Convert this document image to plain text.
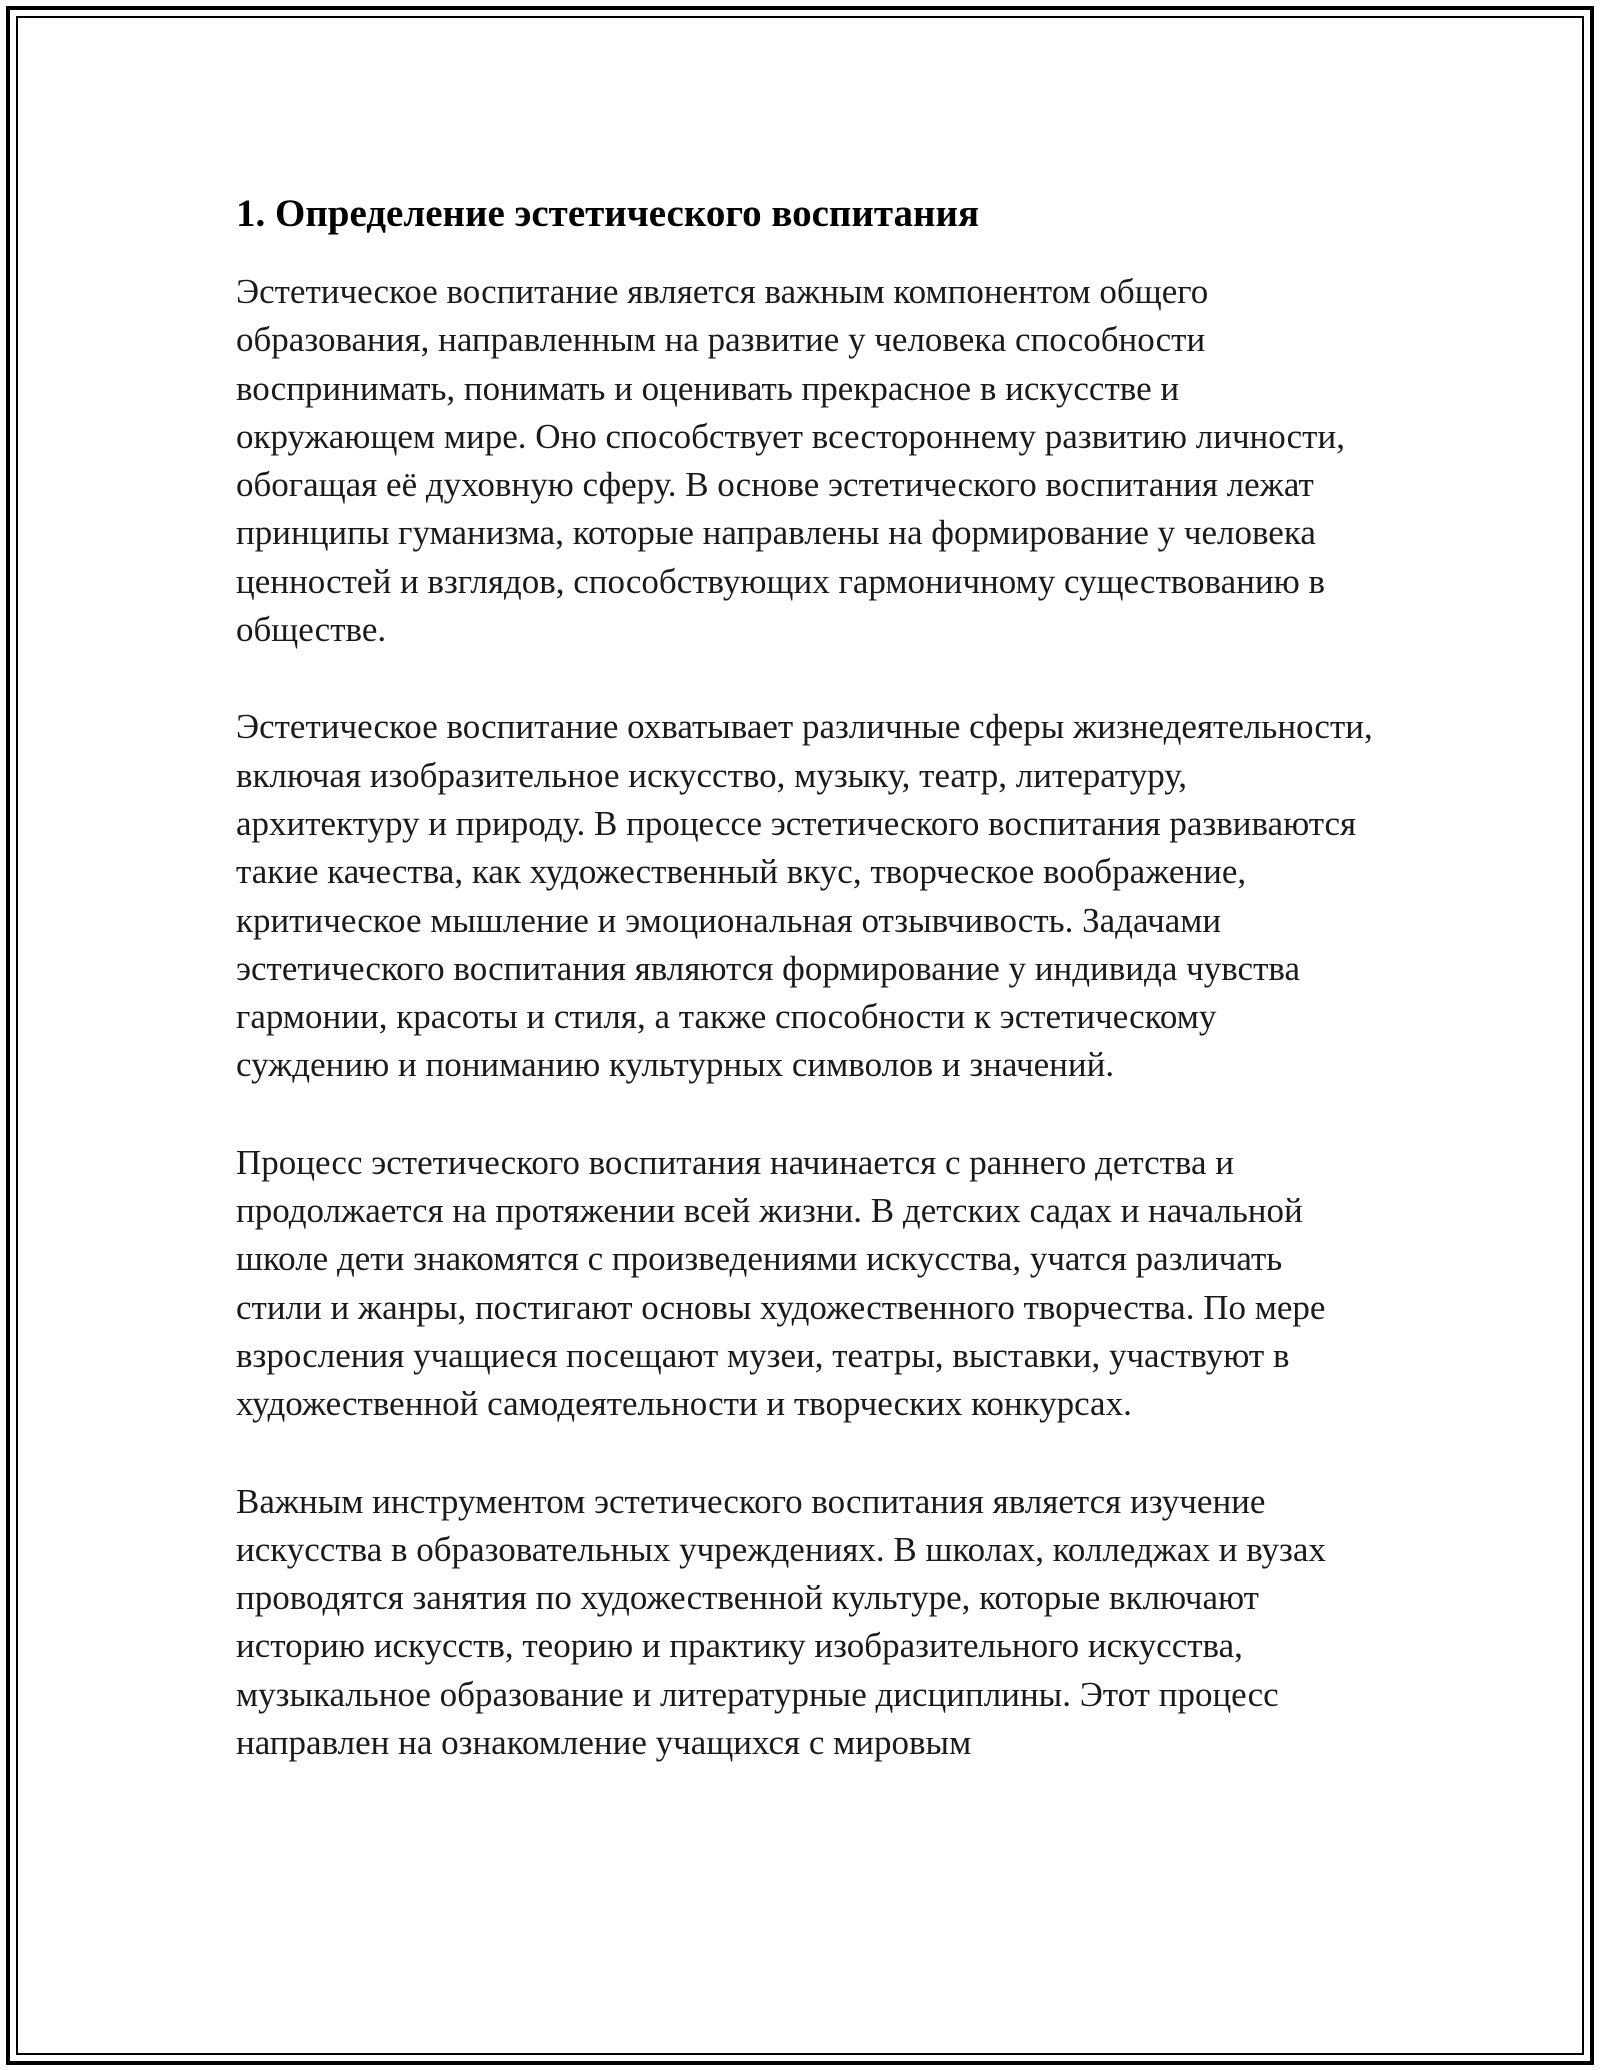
1. Определение эстетического воспитания

Эстетическое воспитание является важным компонентом общего образования, направленным на развитие у человека способности воспринимать, понимать и оценивать прекрасное в искусстве и окружающем мире. Оно способствует всестороннему развитию личности, обогащая её духовную сферу. В основе эстетического воспитания лежат принципы гуманизма, которые направлены на формирование у человека ценностей и взглядов, способствующих гармоничному существованию в обществе.

Эстетическое воспитание охватывает различные сферы жизнедеятельности, включая изобразительное искусство, музыку, театр, литературу, архитектуру и природу. В процессе эстетического воспитания развиваются такие качества, как художественный вкус, творческое воображение, критическое мышление и эмоциональная отзывчивость. Задачами эстетического воспитания являются формирование у индивида чувства гармонии, красоты и стиля, а также способности к эстетическому суждению и пониманию культурных символов и значений.

Процесс эстетического воспитания начинается с раннего детства и продолжается на протяжении всей жизни. В детских садах и начальной школе дети знакомятся с произведениями искусства, учатся различать стили и жанры, постигают основы художественного творчества. По мере взросления учащиеся посещают музеи, театры, выставки, участвуют в художественной самодеятельности и творческих конкурсах.

Важным инструментом эстетического воспитания является изучение искусства в образовательных учреждениях. В школах, колледжах и вузах проводятся занятия по художественной культуре, которые включают историю искусств, теорию и практику изобразительного искусства, музыкальное образование и литературные дисциплины. Этот процесс направлен на ознакомление учащихся с мировым
